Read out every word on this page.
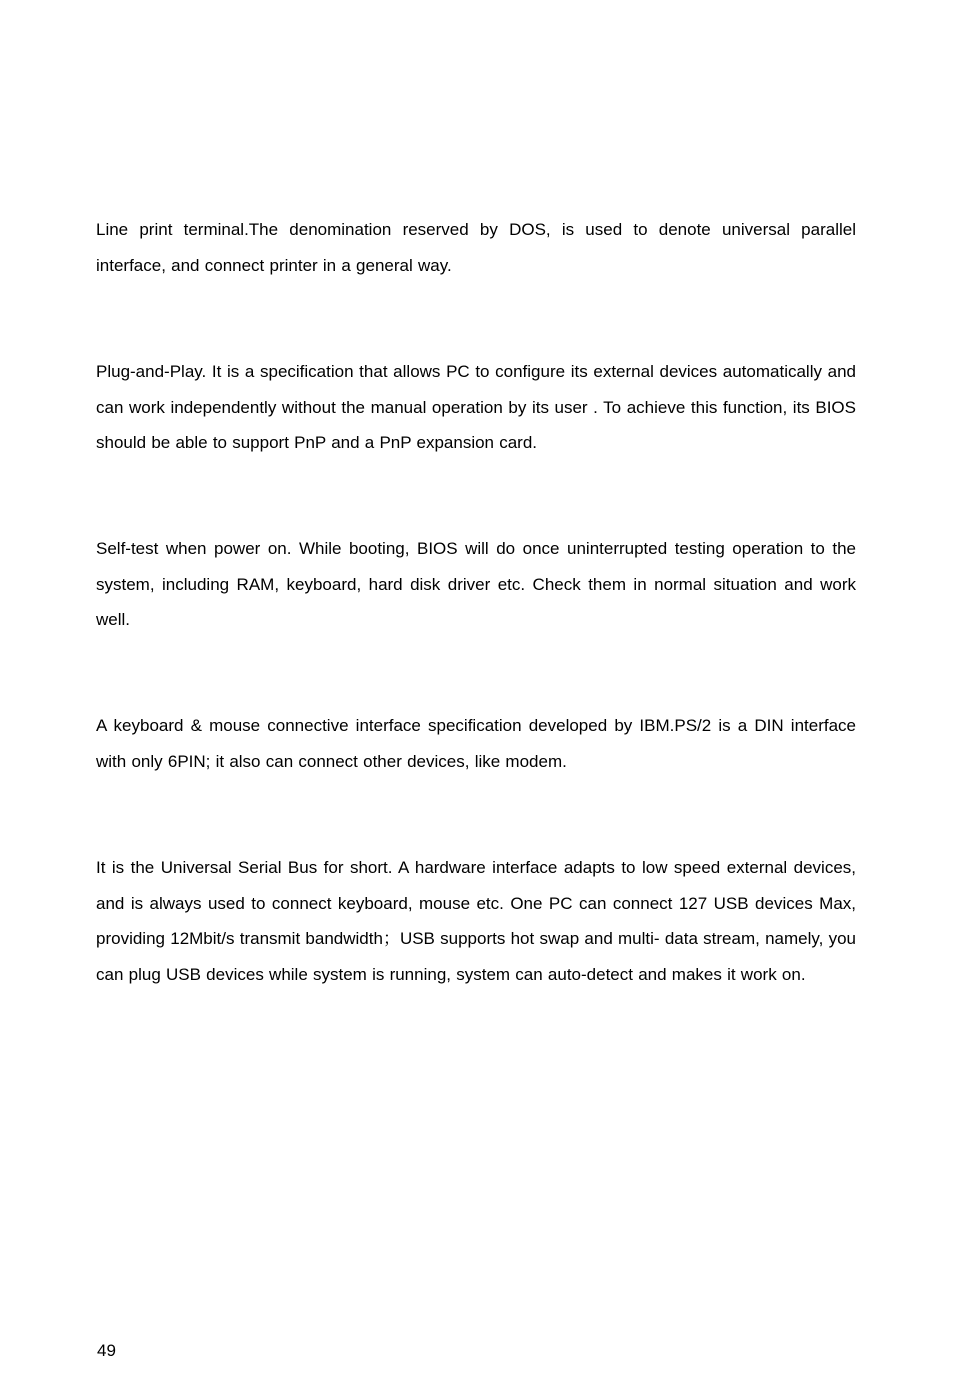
Line print terminal.The denomination reserved by DOS, is used to denote universal parallel interface, and connect printer in a general way.

Plug-and-Play. It is a specification that allows PC to configure its external devices automatically and can work independently without the manual operation by its user . To achieve this function, its BIOS should be able to support PnP and a PnP expansion card.

Self-test when power on. While booting, BIOS will do once uninterrupted testing operation to the system, including RAM, keyboard, hard disk driver etc. Check them in normal situation and work well.

A keyboard & mouse connective interface specification developed by IBM.PS/2 is a DIN interface with only 6PIN; it also can connect other devices, like modem.

It is the Universal Serial Bus for short. A hardware interface adapts to low speed external devices, and is always used to connect keyboard, mouse etc. One PC can connect 127 USB devices Max, providing 12Mbit/s transmit bandwidth；USB supports hot swap and multi- data stream, namely, you can plug USB devices while system is running, system can auto-detect and makes it work on.

49
